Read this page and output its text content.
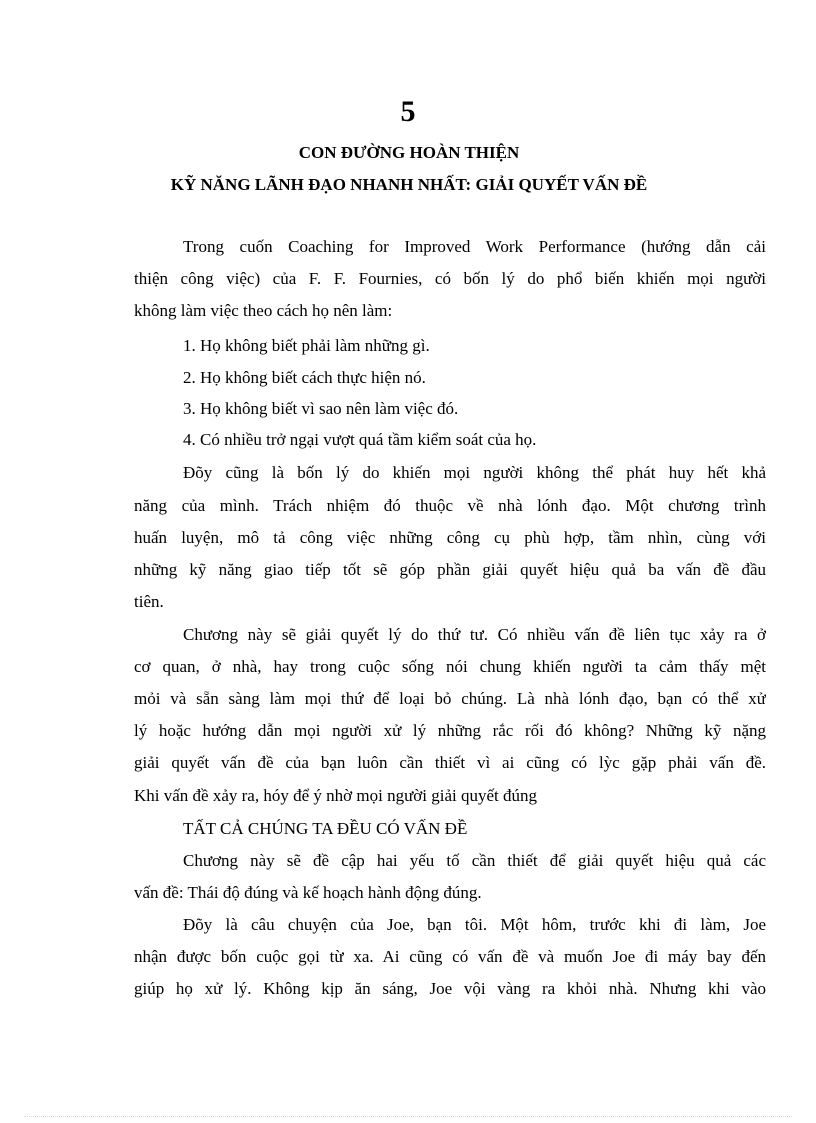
5
CON ĐƯỜNG HOÀN THIỆN
KỸ NĂNG LÃNH ĐẠO NHANH NHẤT: GIẢI QUYẾT VẤN ĐỀ
Trong cuốn Coaching for Improved Work Performance (hướng dẫn cải
thiện công việc) của F. F. Fournies, có bốn lý do phổ biến khiến mọi người
không làm việc theo cách họ nên làm:
1. Họ không biết phải làm những gì.
2. Họ không biết cách thực hiện nó.
3. Họ không biết vì sao nên làm việc đó.
4. Có nhiều trở ngại vượt quá tầm kiểm soát của họ.
Đõy cũng là bốn lý do khiến mọi người không thể phát huy hết khả
năng của mình. Trách nhiệm đó thuộc về nhà lónh đạo. Một chương trình
huấn luyện, mô tả công việc những công cụ phù hợp, tầm nhìn, cùng với
những kỹ năng giao tiếp tốt sẽ góp phần giải quyết hiệu quả ba vấn đề đầu
tiên.
Chương này sẽ giải quyết lý do thứ tư. Có nhiều vấn đề liên tục xảy ra ở
cơ quan, ở nhà, hay trong cuộc sống nói chung khiến người ta cảm thấy mệt
mỏi và sẵn sàng làm mọi thứ để loại bỏ chúng. Là nhà lónh đạo, bạn có thể xử
lý hoặc hướng dẫn mọi người xử lý những rắc rối đó không? Những kỹ nặng
giải quyết vấn đề của bạn luôn cần thiết vì ai cũng có lỳc gặp phải vấn đề.
Khi vấn đề xảy ra, hóy để ý nhờ mọi người giải quyết đúng
TẤT CẢ CHÚNG TA ĐỀU CÓ VẤN ĐỀ
Chương này sẽ đề cập hai yếu tố cần thiết để giải quyết hiệu quả các
vấn đề: Thái độ đúng và kế hoạch hành động đúng.
Đõy là câu chuyện của Joe, bạn tôi. Một hôm, trước khi đi làm, Joe
nhận được bốn cuộc gọi từ xa. Ai cũng có vấn đề và muốn Joe đi máy bay đến
giúp họ xử lý. Không kịp ăn sáng, Joe vội vàng ra khỏi nhà. Nhưng khi vào
